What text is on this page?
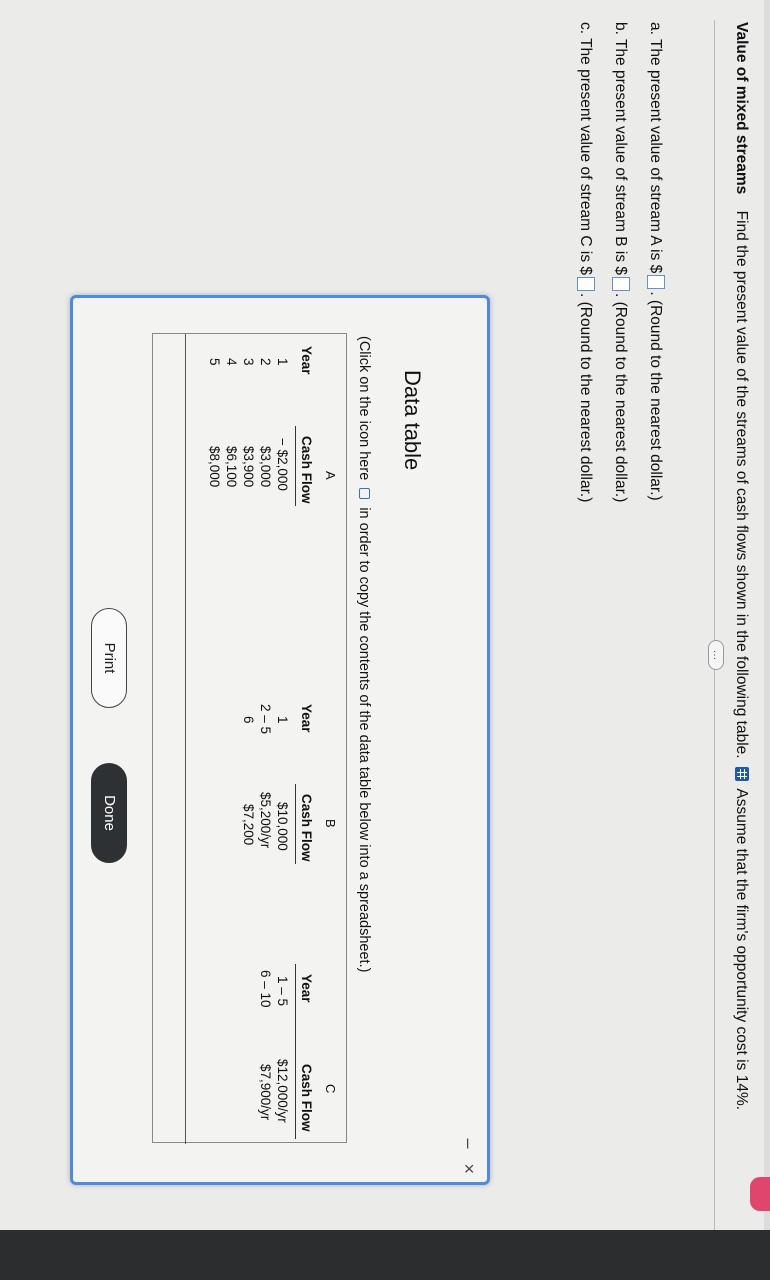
Value of mixed streams Find the present value of the streams of cash flows shown in the following table.  Assume that the firm's opportunity cost is 14%.
…
a. The present value of stream A is $. (Round to the nearest dollar.)
b. The present value of stream B is $. (Round to the nearest dollar.)
c. The present value of stream C is $. (Round to the nearest dollar.)
– ×
Data table
(Click on the icon here  in order to copy the contents of the data table below into a spreadsheet.)
A
Year
Cash Flow
1
− $2,000
2
$3,000
3
$3,900
4
$6,100
5
$8,000
B
Year
Cash Flow
1
$10,000
2 – 5
$5,200/yr
6
$7,200
C
Year
Cash Flow
1 – 5
$12,000/yr
6 – 10
$7,900/yr
Print
Done
